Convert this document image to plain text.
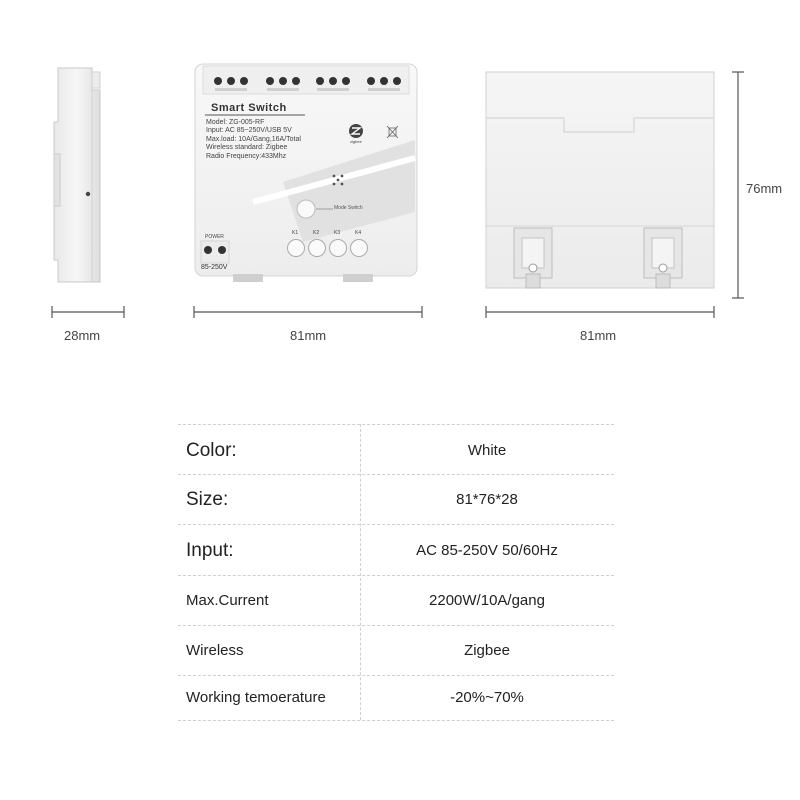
28mm
Smart Switch
Model: ZG-005-RF
Input: AC 85~250V/USB 5V
Max.load: 10A/Gang,16A/Total
Wireless standard: Zigbee
Radio Frequency:433Mhz
zigbee
Mode Switch
K1	K2	K3	K4
POWER
85-250V
81mm	81mm
76mm
Color:	White
Size:	81*76*28
Input:	AC 85-250V 50/60Hz
Max.Current	2200W/10A/gang
Wireless	Zigbee
Working temoerature	-20%~70%
